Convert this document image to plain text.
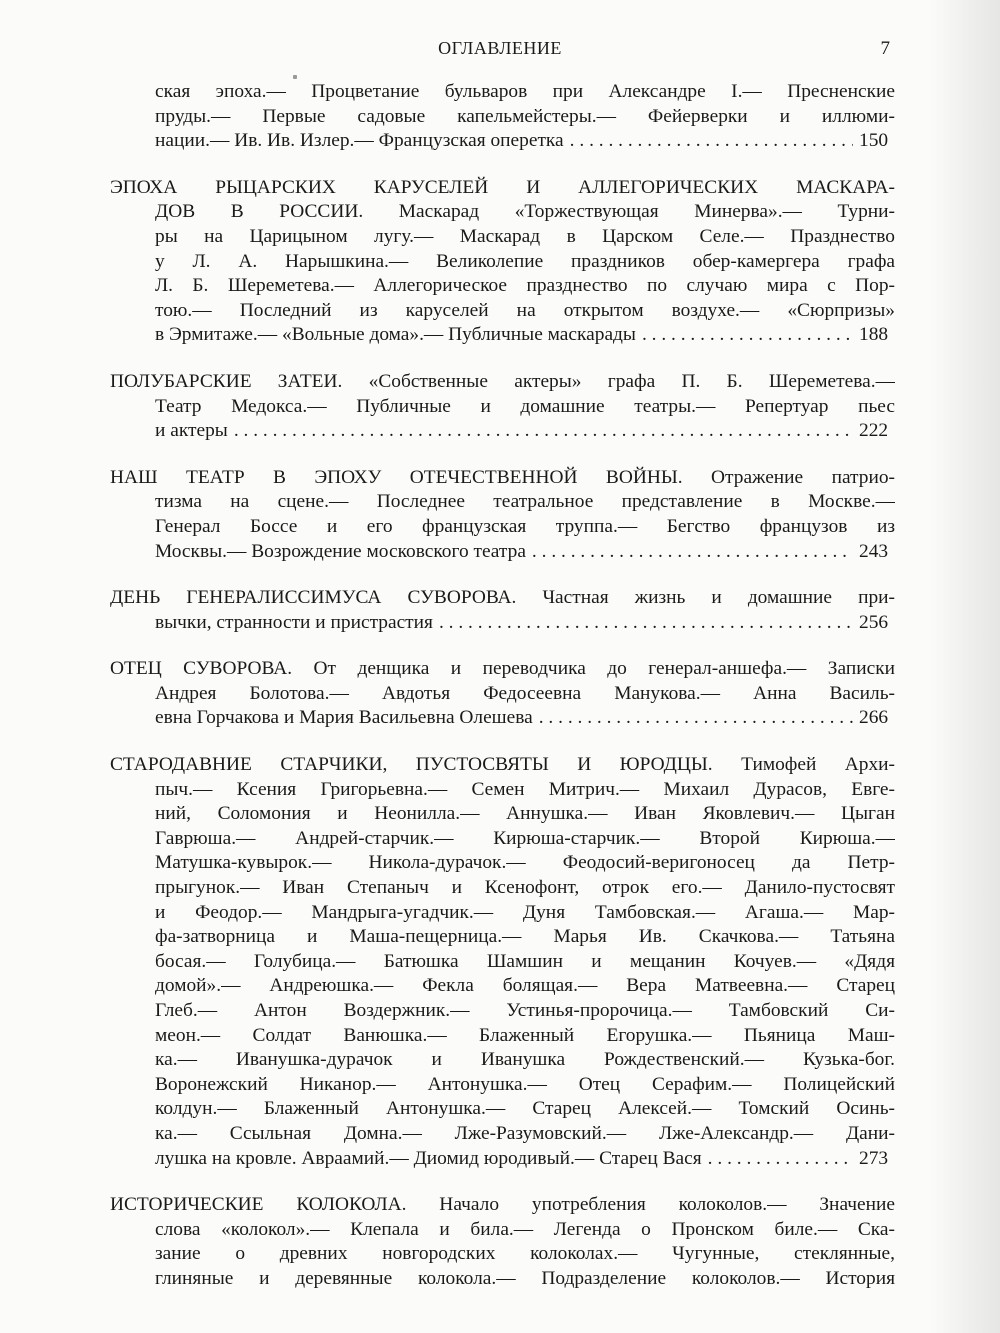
ОГЛАВЛЕНИЕ	7
ская эпоха.— Процветание бульваров при Александре I.— Пресненские
пруды.— Первые садовые капельмейстеры.— Фейерверки и иллюми-
нации.— Ив. Ив. Излер.— Французская оперетка . . .	150
ЭПОХА РЫЦАРСКИХ КАРУСЕЛЕЙ И АЛЛЕГОРИЧЕСКИХ МАСКАРА-
ДОВ В РОССИИ. Маскарад «Торжествующая Минерва».— Турни-
ры на Царицыном лугу.— Маскарад в Царском Селе.— Празднество
у Л. А. Нарышкина.— Великолепие праздников обер-камергера графа
Л. Б. Шереметева.— Аллегорическое празднество по случаю мира с Пор-
тою.— Последний из каруселей на открытом воздухе.— «Сюрпризы»
в Эрмитаже.— «Вольные дома».— Публичные маскарады . . .	188
ПОЛУБАРСКИЕ ЗАТЕИ. «Собственные актеры» графа П. Б. Шереметева.—
Театр Медокса.— Публичные и домашние театры.— Репертуар пьес
и актеры . . .	222
НАШ ТЕАТР В ЭПОХУ ОТЕЧЕСТВЕННОЙ ВОЙНЫ. Отражение патрио-
тизма на сцене.— Последнее театральное представление в Москве.—
Генерал Боссе и его французская труппа.— Бегство французов из
Москвы.— Возрождение московского театра . . .	243
ДЕНЬ ГЕНЕРАЛИССИМУСА СУВОРОВА. Частная жизнь и домашние при-
вычки, странности и пристрастия . . .	256
ОТЕЦ СУВОРОВА. От денщика и переводчика до генерал-аншефа.— Записки
Андрея Болотова.— Авдотья Федосеевна Манукова.— Анна Василь-
евна Горчакова и Мария Васильевна Олешева . . .	266
СТАРОДАВНИЕ СТАРЧИКИ, ПУСТОСВЯТЫ И ЮРОДЦЫ. Тимофей Архи-
пыч.— Ксения Григорьевна.— Семен Митрич.— Михаил Дурасов, Евге-
ний, Соломония и Неонилла.— Аннушка.— Иван Яковлевич.— Цыган
Гаврюша.— Андрей-старчик.— Кирюша-старчик.— Второй Кирюша.—
Матушка-кувырок.— Никола-дурачок.— Феодосий-веригоносец да Петр-
прыгунок.— Иван Степаныч и Ксенофонт, отрок его.— Данило-пустосвят
и Феодор.— Мандрыга-угадчик.— Дуня Тамбовская.— Агаша.— Мар-
фа-затворница и Маша-пещерница.— Марья Ив. Скачкова.— Татьяна
босая.— Голубица.— Батюшка Шамшин и мещанин Кочуев.— «Дядя
домой».— Андреюшка.— Фекла болящая.— Вера Матвеевна.— Старец
Глеб.— Антон Воздержник.— Устинья-пророчица.— Тамбовский Си-
меон.— Солдат Ванюшка.— Блаженный Егорушка.— Пьяница Маш-
ка.— Иванушка-дурачок и Иванушка Рождественский.— Кузька-бог.
Воронежский Никанор.— Антонушка.— Отец Серафим.— Полицейский
колдун.— Блаженный Антонушка.— Старец Алексей.— Томский Осинь-
ка.— Ссыльная Домна.— Лже-Разумовский.— Лже-Александр.— Дани-
лушка на кровле. Авраамий.— Диомид юродивый.— Старец Вася . . .	273
ИСТОРИЧЕСКИЕ КОЛОКОЛА. Начало употребления колоколов.— Значение
слова «колокол».— Клепала и била.— Легенда о Пронском биле.— Ска-
зание о древних новгородских колоколах.— Чугунные, стеклянные,
глиняные и деревянные колокола.— Подразделение колоколов.— История
